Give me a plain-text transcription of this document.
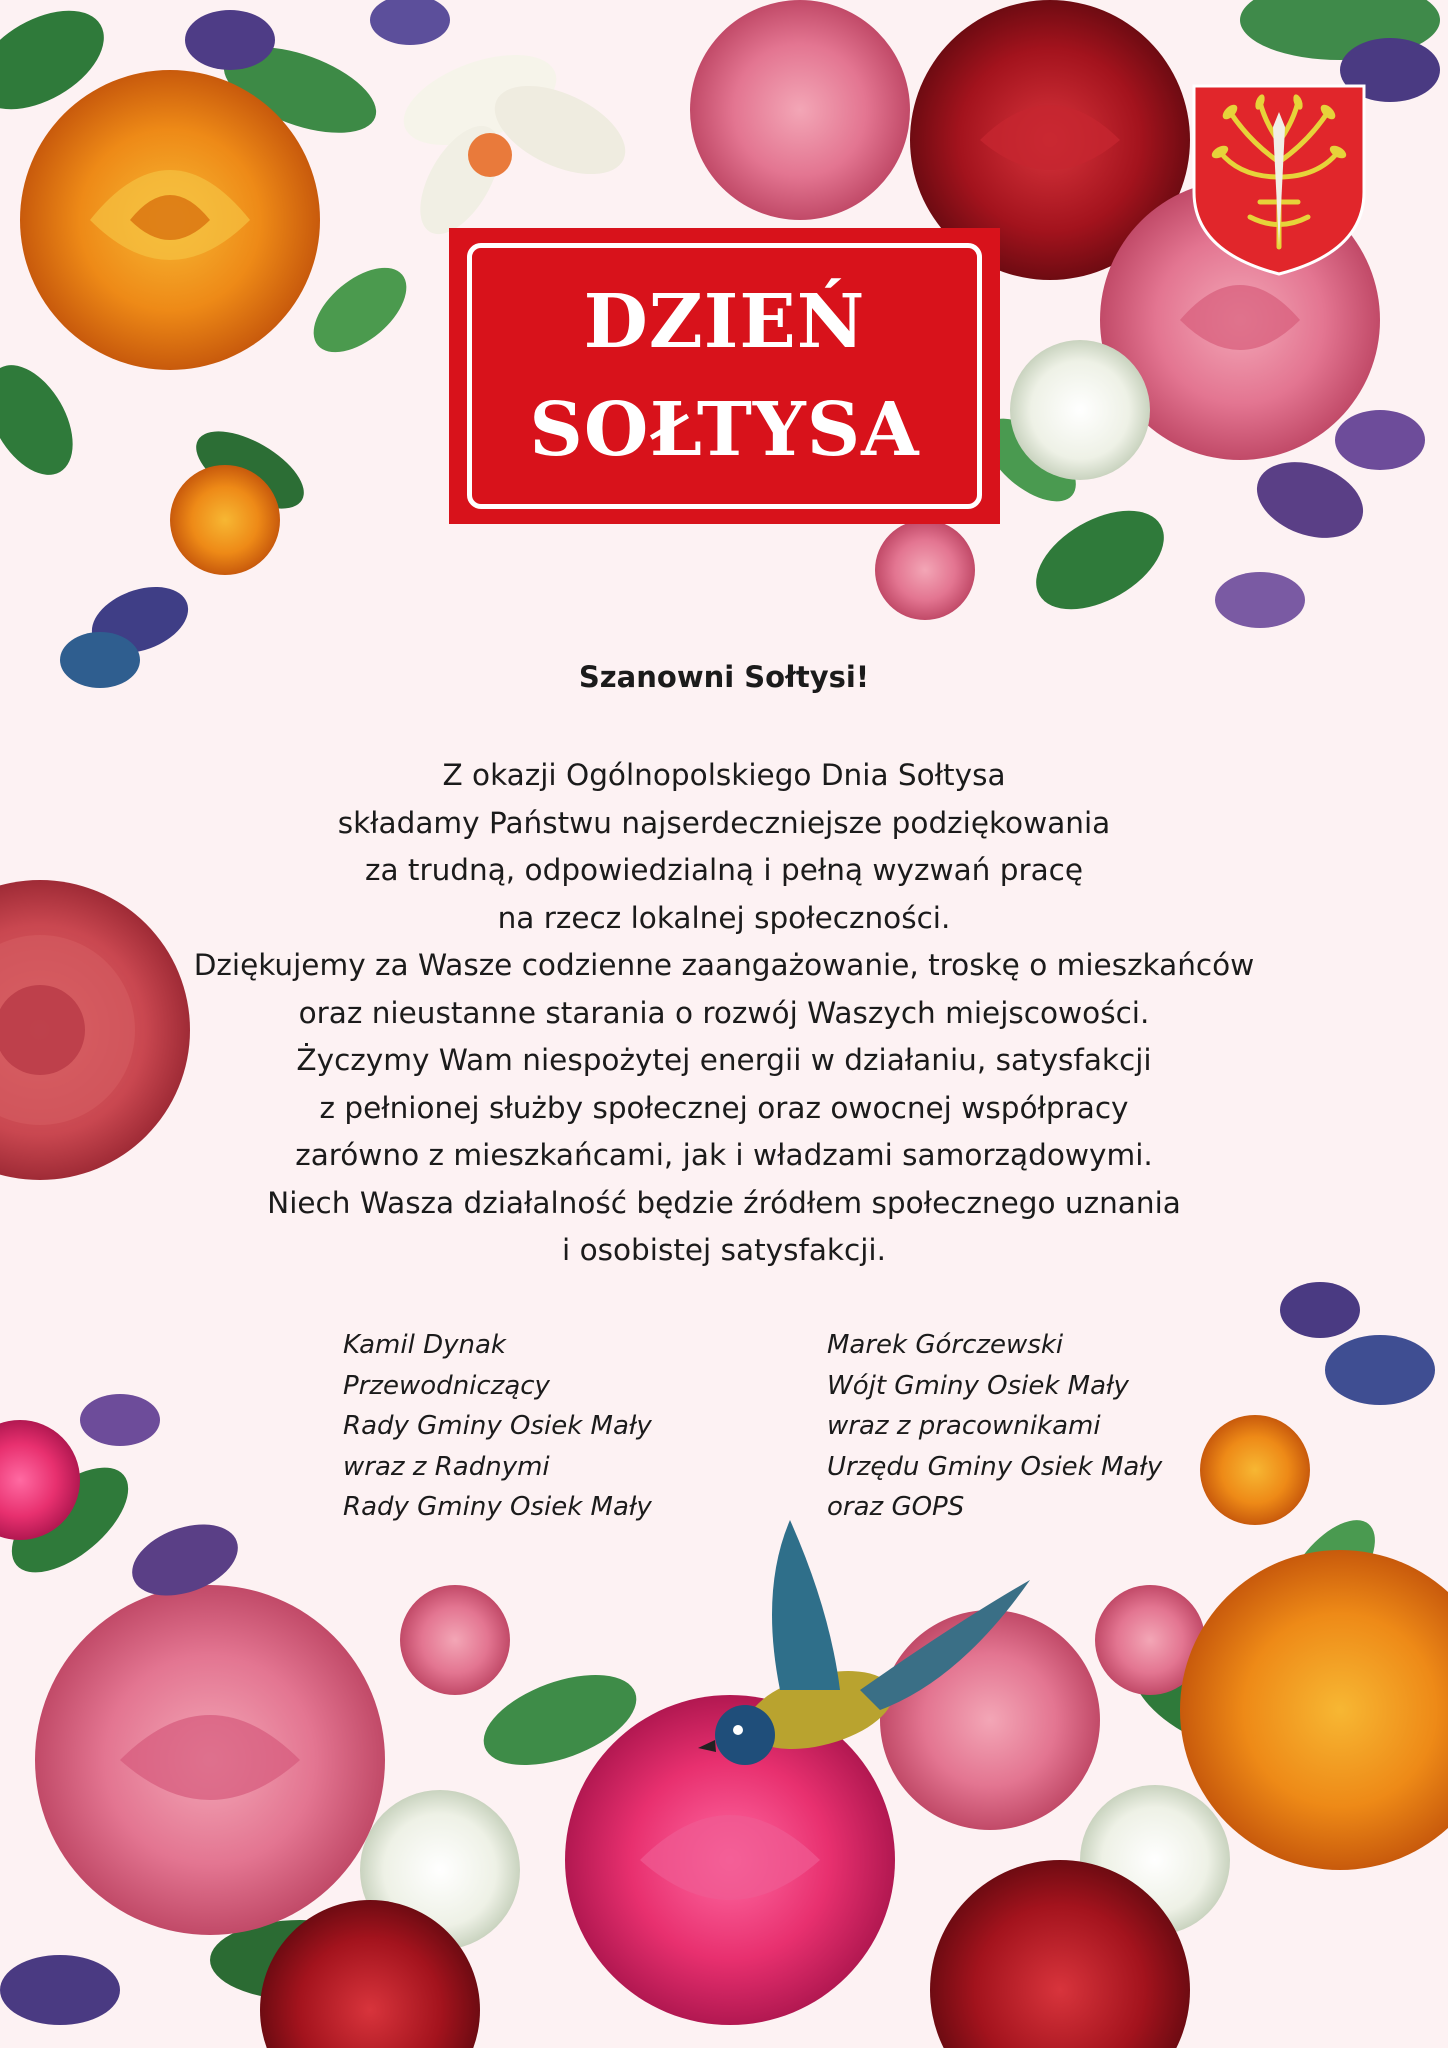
DZIEŃ
SOŁTYSA
Szanowni Sołtysi!

Z okazji Ogólnopolskiego Dnia Sołtysa
składamy Państwu najserdeczniejsze podziękowania
za trudną, odpowiedzialną i pełną wyzwań pracę
na rzecz lokalnej społeczności.
Dziękujemy za Wasze codzienne zaangażowanie, troskę o mieszkańców
oraz nieustanne starania o rozwój Waszych miejscowości.
Życzymy Wam niespożytej energii w działaniu, satysfakcji
z pełnionej służby społecznej oraz owocnej współpracy
zarówno z mieszkańcami, jak i władzami samorządowymi.
Niech Wasza działalność będzie źródłem społecznego uznania
i osobistej satysfakcji.

Kamil Dynak
Przewodniczący
Rady Gminy Osiek Mały
wraz z Radnymi
Rady Gminy Osiek Mały
Marek Górczewski
Wójt Gminy Osiek Mały
wraz z pracownikami
Urzędu Gminy Osiek Mały
oraz GOPS
